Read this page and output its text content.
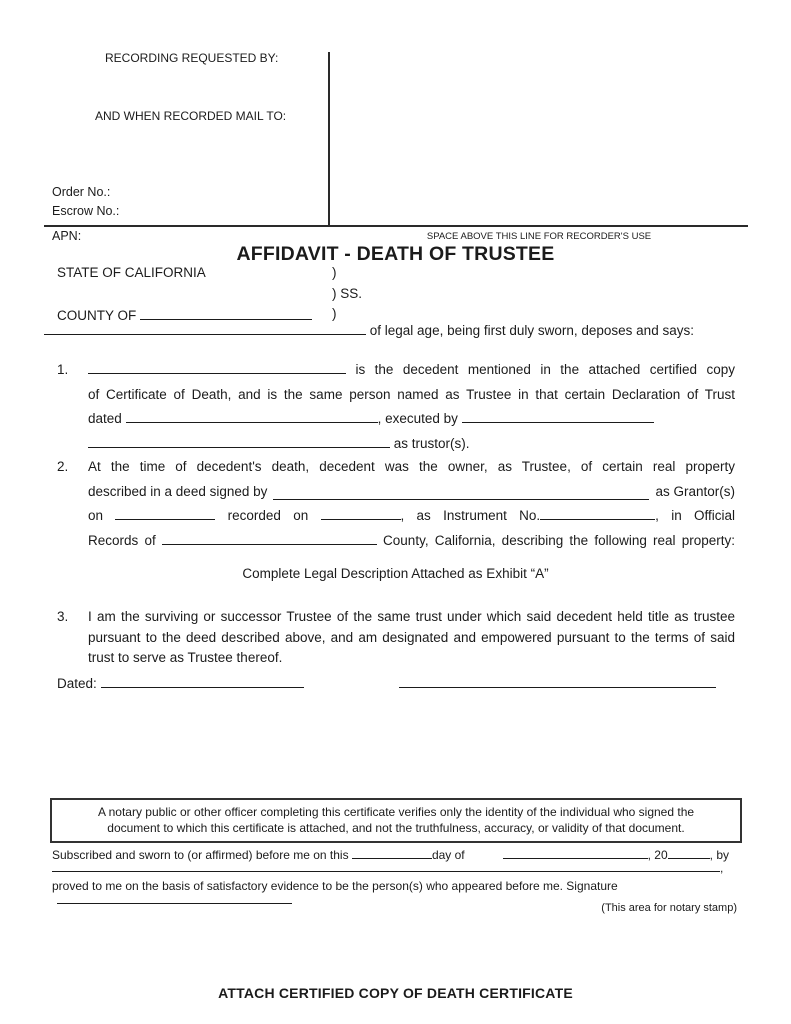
RECORDING REQUESTED BY:
AND WHEN RECORDED MAIL TO:
Order No.:
Escrow No.:
APN:	SPACE ABOVE THIS LINE FOR RECORDER'S USE
AFFIDAVIT - DEATH OF TRUSTEE
STATE OF CALIFORNIA	)
) SS.
COUNTY OF	)
of legal age, being first duly sworn, deposes and says:
1.	is the decedent mentioned in the attached certified copy
of Certificate of Death, and is the same person named as Trustee in that certain Declaration of Trust
dated	, executed by
as trustor(s).
2.	At the time of decedent's death, decedent was the owner, as Trustee, of certain real property
described in a deed signed by	as Grantor(s)
on	recorded on	, as Instrument No.	, in Official
Records of	County, California, describing the following real property:
Complete Legal Description Attached as Exhibit “A”
3.	I am the surviving or successor Trustee of the same trust under which said decedent held title as trustee pursuant to the deed described above, and am designated and empowered pursuant to the terms of said trust to serve as Trustee thereof.
Dated:
A notary public or other officer completing this certificate verifies only the identity of the individual who signed the
document to which this certificate is attached, and not the truthfulness, accuracy, or validity of that document.
Subscribed and sworn to (or affirmed) before me on this	day of	, 20	, by
,
proved to me on the basis of satisfactory evidence to be the person(s) who appeared before me. Signature
(This area for notary stamp)
ATTACH CERTIFIED COPY OF DEATH CERTIFICATE
